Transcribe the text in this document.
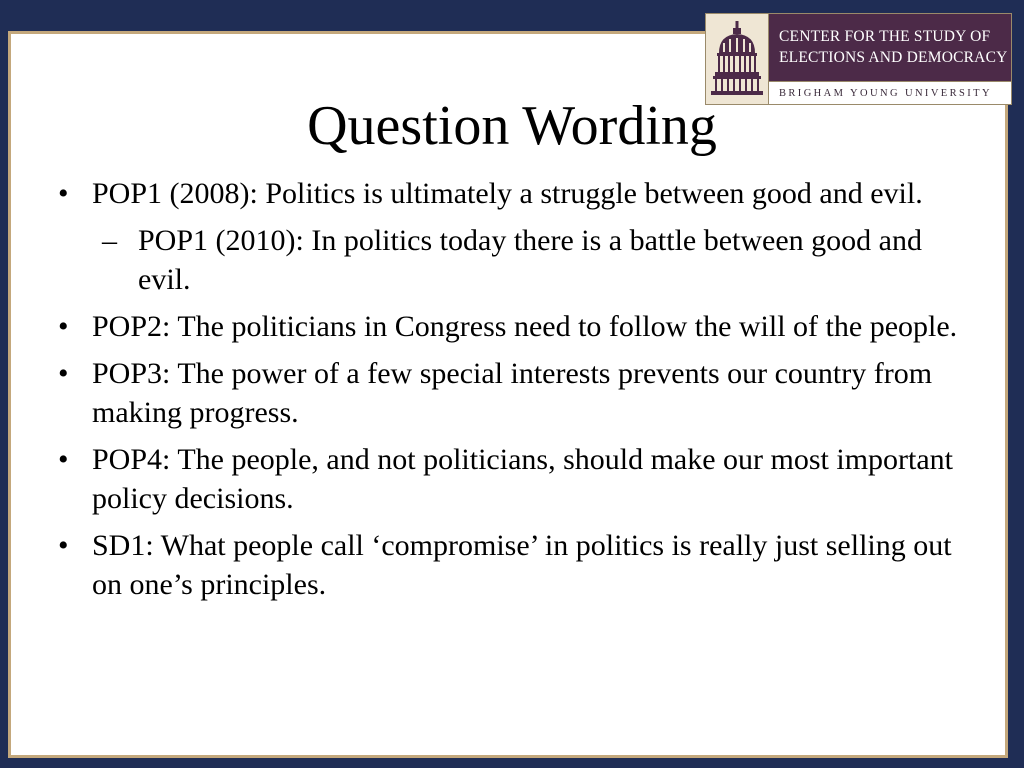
CENTER FOR THE STUDY OF
ELECTIONS AND DEMOCRACY
BRIGHAM YOUNG UNIVERSITY
Question Wording
• POP1 (2008): Politics is ultimately a struggle between good and evil.
– POP1 (2010): In politics today there is a battle between good and evil.
• POP2: The politicians in Congress need to follow the will of the people.
• POP3: The power of a few special interests prevents our country from making progress.
• POP4: The people, and not politicians, should make our most important policy decisions.
• SD1: What people call ‘compromise’ in politics is really just selling out on one’s principles.
